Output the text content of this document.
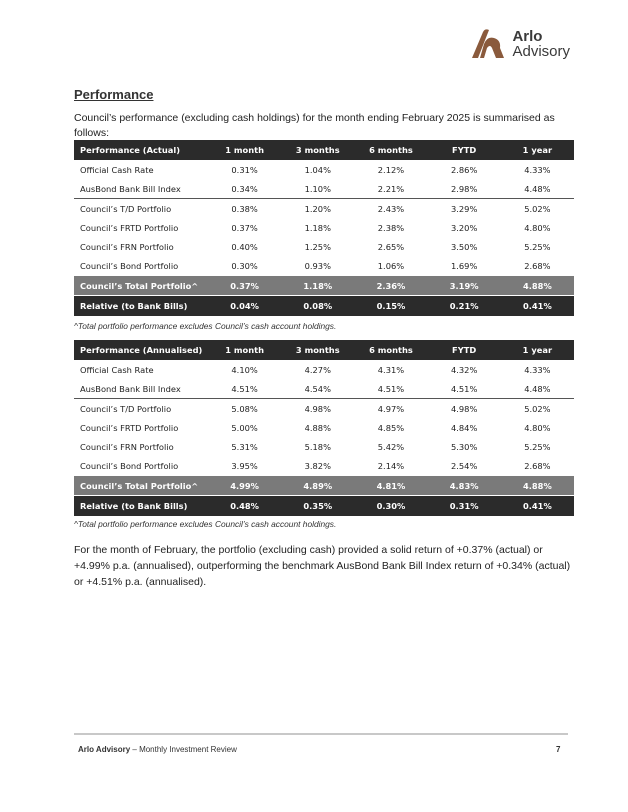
Arlo
Advisory
Performance
Council’s performance (excluding cash holdings) for the month ending February 2025 is summarised as follows:
Performance (Actual)	1 month	3 months	6 months	FYTD	1 year
Official Cash Rate	0.31%	1.04%	2.12%	2.86%	4.33%
AusBond Bank Bill Index	0.34%	1.10%	2.21%	2.98%	4.48%
Council’s T/D Portfolio	0.38%	1.20%	2.43%	3.29%	5.02%
Council’s FRTD Portfolio	0.37%	1.18%	2.38%	3.20%	4.80%
Council’s FRN Portfolio	0.40%	1.25%	2.65%	3.50%	5.25%
Council’s Bond Portfolio	0.30%	0.93%	1.06%	1.69%	2.68%
Council’s Total Portfolio^	0.37%	1.18%	2.36%	3.19%	4.88%
Relative (to Bank Bills)	0.04%	0.08%	0.15%	0.21%	0.41%
^Total portfolio performance excludes Council’s cash account holdings.
Performance (Annualised)	1 month	3 months	6 months	FYTD	1 year
Official Cash Rate	4.10%	4.27%	4.31%	4.32%	4.33%
AusBond Bank Bill Index	4.51%	4.54%	4.51%	4.51%	4.48%
Council’s T/D Portfolio	5.08%	4.98%	4.97%	4.98%	5.02%
Council’s FRTD Portfolio	5.00%	4.88%	4.85%	4.84%	4.80%
Council’s FRN Portfolio	5.31%	5.18%	5.42%	5.30%	5.25%
Council’s Bond Portfolio	3.95%	3.82%	2.14%	2.54%	2.68%
Council’s Total Portfolio^	4.99%	4.89%	4.81%	4.83%	4.88%
Relative (to Bank Bills)	0.48%	0.35%	0.30%	0.31%	0.41%
^Total portfolio performance excludes Council’s cash account holdings.
For the month of February, the portfolio (excluding cash) provided a solid return of +0.37% (actual) or +4.99% p.a. (annualised), outperforming the benchmark AusBond Bank Bill Index return of +0.34% (actual) or +4.51% p.a. (annualised).
Arlo Advisory – Monthly Investment Review	7
